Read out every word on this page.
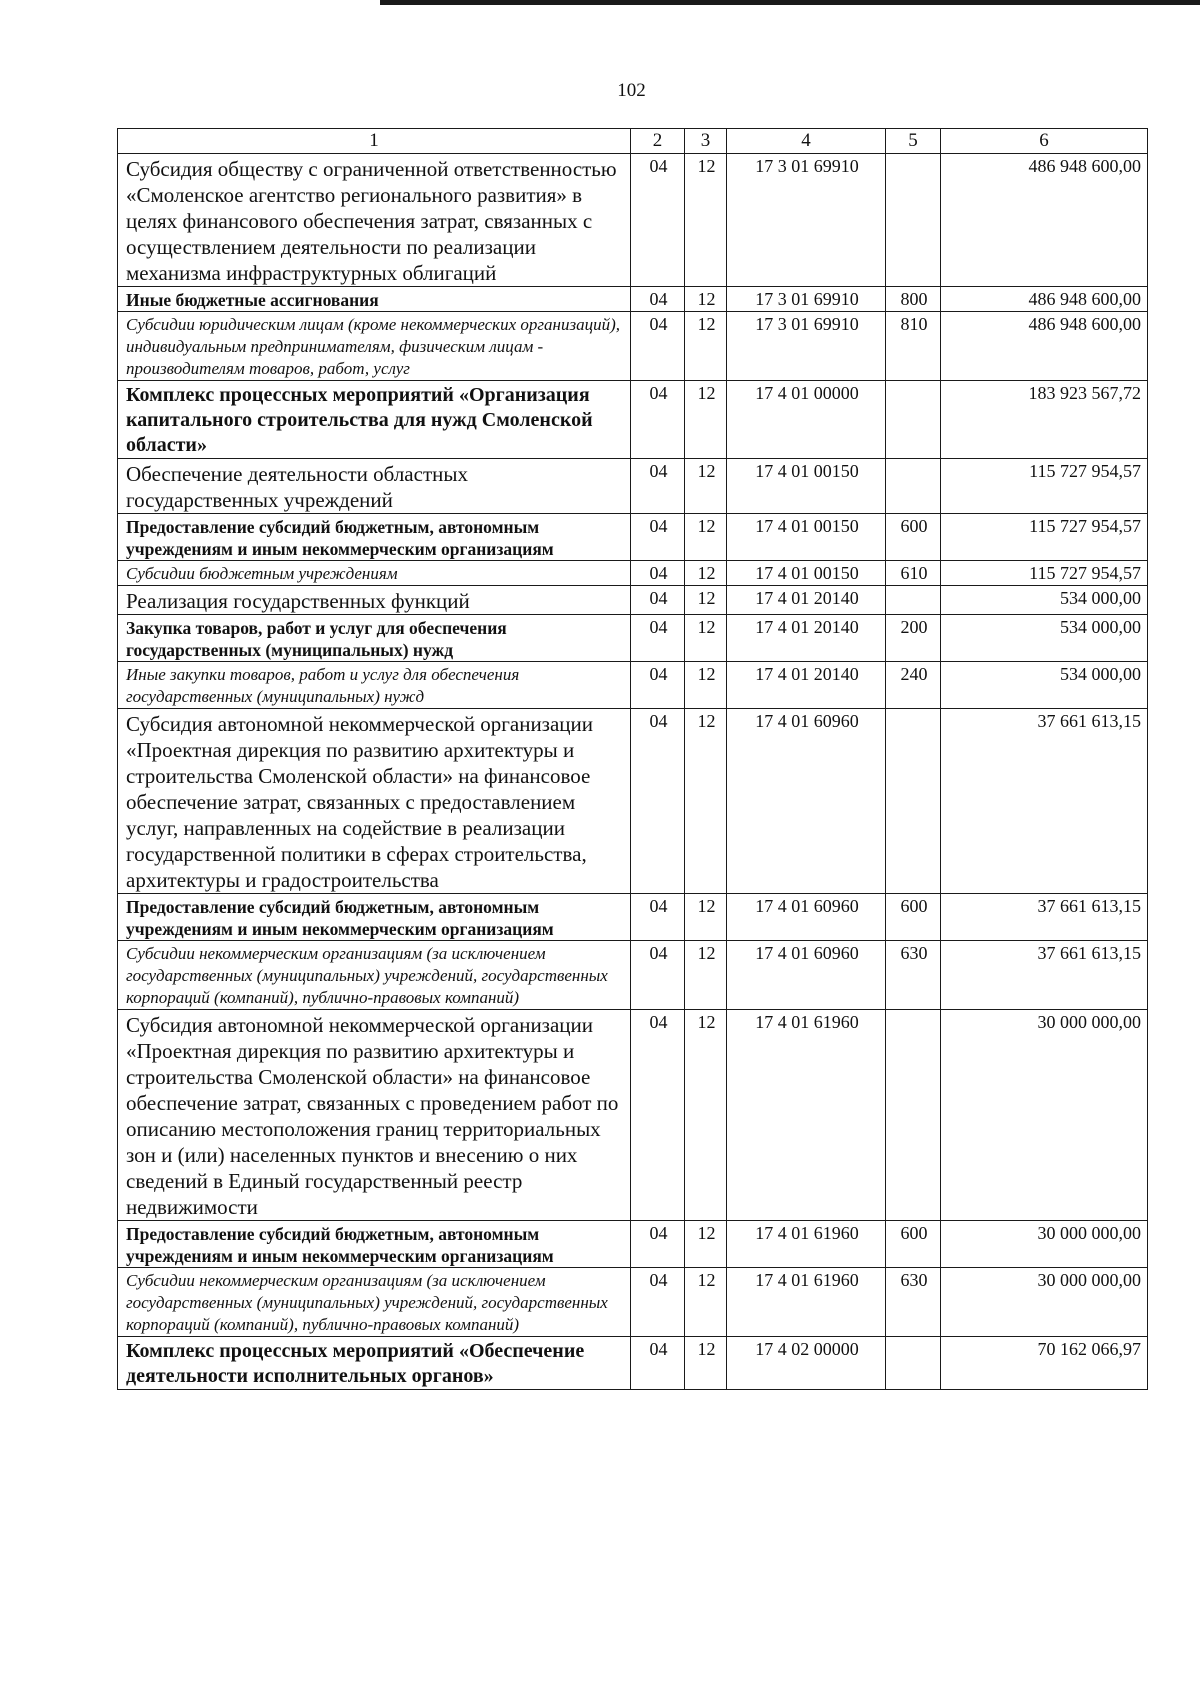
102
1	2	3	4	5	6
Субсидия обществу с ограниченной ответственностью «Смоленское агентство регионального развития» в целях финансового обеспечения затрат, связанных с осуществлением деятельности по реализации механизма инфраструктурных облигаций	04	12	17 3 01 69910		486 948 600,00
Иные бюджетные ассигнования	04	12	17 3 01 69910	800	486 948 600,00
Субсидии юридическим лицам (кроме некоммерческих организаций), индивидуальным предпринимателям, физическим лицам - производителям товаров, работ, услуг	04	12	17 3 01 69910	810	486 948 600,00
Комплекс процессных мероприятий «Организация капитального строительства для нужд Смоленской области»	04	12	17 4 01 00000		183 923 567,72
Обеспечение деятельности областных государственных учреждений	04	12	17 4 01 00150		115 727 954,57
Предоставление субсидий бюджетным, автономным учреждениям и иным некоммерческим организациям	04	12	17 4 01 00150	600	115 727 954,57
Субсидии бюджетным учреждениям	04	12	17 4 01 00150	610	115 727 954,57
Реализация государственных функций	04	12	17 4 01 20140		534 000,00
Закупка товаров, работ и услуг для обеспечения государственных (муниципальных) нужд	04	12	17 4 01 20140	200	534 000,00
Иные закупки товаров, работ и услуг для обеспечения государственных (муниципальных) нужд	04	12	17 4 01 20140	240	534 000,00
Субсидия автономной некоммерческой организации «Проектная дирекция по развитию архитектуры и строительства Смоленской области» на финансовое обеспечение затрат, связанных с предоставлением услуг, направленных на содействие в реализации государственной политики в сферах строительства, архитектуры и градостроительства	04	12	17 4 01 60960		37 661 613,15
Предоставление субсидий бюджетным, автономным учреждениям и иным некоммерческим организациям	04	12	17 4 01 60960	600	37 661 613,15
Субсидии некоммерческим организациям (за исключением государственных (муниципальных) учреждений, государственных корпораций (компаний), публично-правовых компаний)	04	12	17 4 01 60960	630	37 661 613,15
Субсидия автономной некоммерческой организации «Проектная дирекция по развитию архитектуры и строительства Смоленской области» на финансовое обеспечение затрат, связанных с проведением работ по описанию местоположения границ территориальных зон и (или) населенных пунктов и внесению о них сведений в Единый государственный реестр недвижимости	04	12	17 4 01 61960		30 000 000,00
Предоставление субсидий бюджетным, автономным учреждениям и иным некоммерческим организациям	04	12	17 4 01 61960	600	30 000 000,00
Субсидии некоммерческим организациям (за исключением государственных (муниципальных) учреждений, государственных корпораций (компаний), публично-правовых компаний)	04	12	17 4 01 61960	630	30 000 000,00
Комплекс процессных мероприятий «Обеспечение деятельности исполнительных органов»	04	12	17 4 02 00000		70 162 066,97
